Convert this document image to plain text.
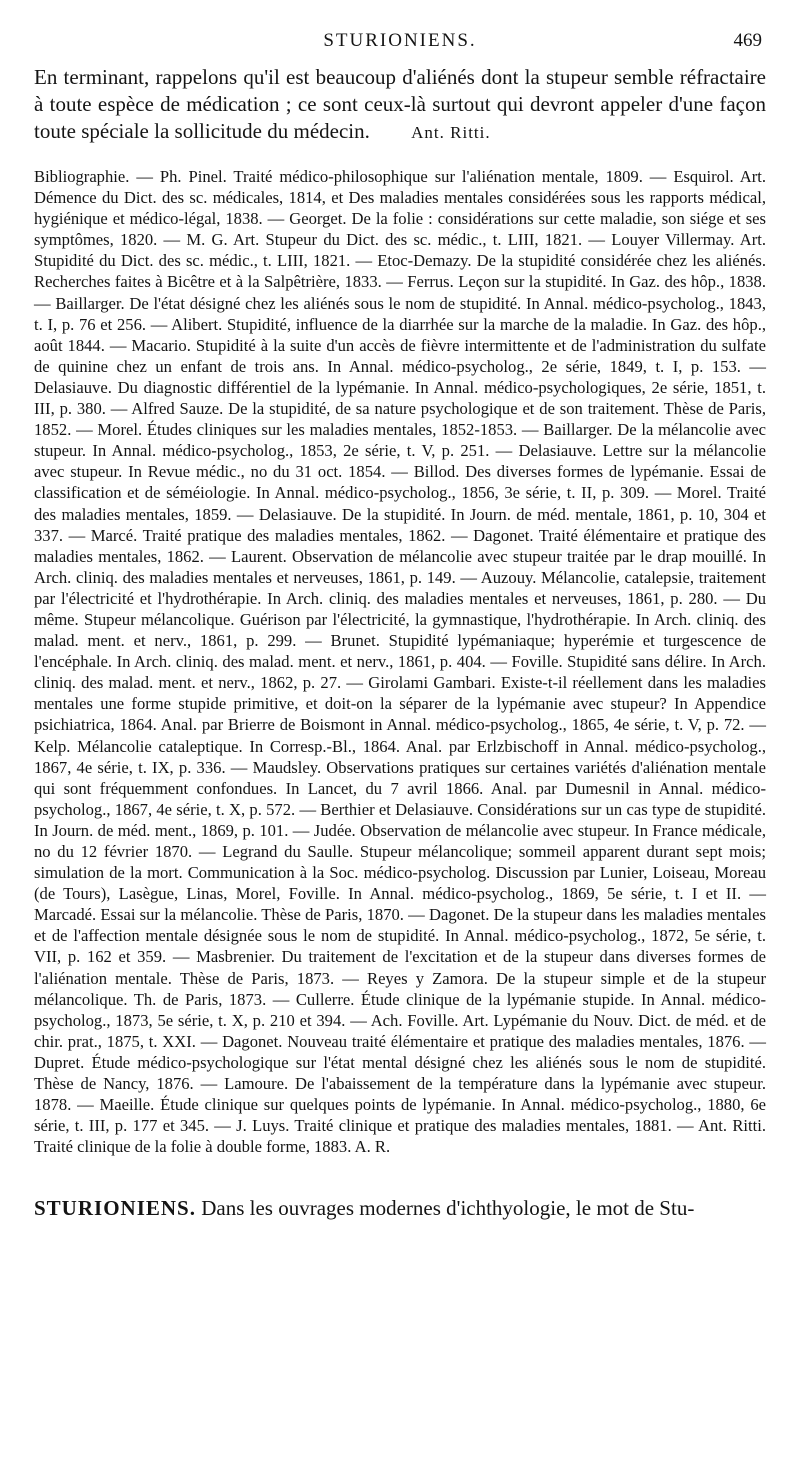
STURIONIENS.	469

En terminant, rappelons qu'il est beaucoup d'aliénés dont la stupeur semble réfractaire à toute espèce de médication ; ce sont ceux-là surtout qui devront appeler d'une façon toute spéciale la sollicitude du médecin. Ant. Ritti.

Bibliographie. — Ph. Pinel. Traité médico-philosophique sur l'aliénation mentale, 1809. — Esquirol. Art. Démence du Dict. des sc. médicales, 1814, et Des maladies mentales considérées sous les rapports médical, hygiénique et médico-légal, 1838. — Georget. De la folie : considérations sur cette maladie, son siége et ses symptômes, 1820. — M. G. Art. Stupeur du Dict. des sc. médic., t. LIII, 1821. — Louyer Villermay. Art. Stupidité du Dict. des sc. médic., t. LIII, 1821. — Etoc-Demazy. De la stupidité considérée chez les aliénés. Recherches faites à Bicêtre et à la Salpêtrière, 1833. — Ferrus. Leçon sur la stupidité. In Gaz. des hôp., 1838. — Baillarger. De l'état désigné chez les aliénés sous le nom de stupidité. In Annal. médico-psycholog., 1843, t. I, p. 76 et 256. — Alibert. Stupidité, influence de la diarrhée sur la marche de la maladie. In Gaz. des hôp., août 1844. — Macario. Stupidité à la suite d'un accès de fièvre intermittente et de l'administration du sulfate de quinine chez un enfant de trois ans. In Annal. médico-psycholog., 2e série, 1849, t. I, p. 153. — Delasiauve. Du diagnostic différentiel de la lypémanie. In Annal. médico-psychologiques, 2e série, 1851, t. III, p. 380. — Alfred Sauze. De la stupidité, de sa nature psychologique et de son traitement. Thèse de Paris, 1852. — Morel. Études cliniques sur les maladies mentales, 1852-1853. — Baillarger. De la mélancolie avec stupeur. In Annal. médico-psycholog., 1853, 2e série, t. V, p. 251. — Delasiauve. Lettre sur la mélancolie avec stupeur. In Revue médic., no du 31 oct. 1854. — Billod. Des diverses formes de lypémanie. Essai de classification et de séméiologie. In Annal. médico-psycholog., 1856, 3e série, t. II, p. 309. — Morel. Traité des maladies mentales, 1859. — Delasiauve. De la stupidité. In Journ. de méd. mentale, 1861, p. 10, 304 et 337. — Marcé. Traité pratique des maladies mentales, 1862. — Dagonet. Traité élémentaire et pratique des maladies mentales, 1862. — Laurent. Observation de mélancolie avec stupeur traitée par le drap mouillé. In Arch. cliniq. des maladies mentales et nerveuses, 1861, p. 149. — Auzouy. Mélancolie, catalepsie, traitement par l'électricité et l'hydrothérapie. In Arch. cliniq. des maladies mentales et nerveuses, 1861, p. 280. — Du même. Stupeur mélancolique. Guérison par l'électricité, la gymnastique, l'hydrothérapie. In Arch. cliniq. des malad. ment. et nerv., 1861, p. 299. — Brunet. Stupidité lypémaniaque; hyperémie et turgescence de l'encéphale. In Arch. cliniq. des malad. ment. et nerv., 1861, p. 404. — Foville. Stupidité sans délire. In Arch. cliniq. des malad. ment. et nerv., 1862, p. 27. — Girolami Gambari. Existe-t-il réellement dans les maladies mentales une forme stupide primitive, et doit-on la séparer de la lypémanie avec stupeur? In Appendice psichiatrica, 1864. Anal. par Brierre de Boismont in Annal. médico-psycholog., 1865, 4e série, t. V, p. 72. — Kelp. Mélancolie cataleptique. In Corresp.-Bl., 1864. Anal. par Erlzbischoff in Annal. médico-psycholog., 1867, 4e série, t. IX, p. 336. — Maudsley. Observations pratiques sur certaines variétés d'aliénation mentale qui sont fréquemment confondues. In Lancet, du 7 avril 1866. Anal. par Dumesnil in Annal. médico-psycholog., 1867, 4e série, t. X, p. 572. — Berthier et Delasiauve. Considérations sur un cas type de stupidité. In Journ. de méd. ment., 1869, p. 101. — Judée. Observation de mélancolie avec stupeur. In France médicale, no du 12 février 1870. — Legrand du Saulle. Stupeur mélancolique; sommeil apparent durant sept mois; simulation de la mort. Communication à la Soc. médico-psycholog. Discussion par Lunier, Loiseau, Moreau (de Tours), Lasègue, Linas, Morel, Foville. In Annal. médico-psycholog., 1869, 5e série, t. I et II. — Marcadé. Essai sur la mélancolie. Thèse de Paris, 1870. — Dagonet. De la stupeur dans les maladies mentales et de l'affection mentale désignée sous le nom de stupidité. In Annal. médico-psycholog., 1872, 5e série, t. VII, p. 162 et 359. — Masbrenier. Du traitement de l'excitation et de la stupeur dans diverses formes de l'aliénation mentale. Thèse de Paris, 1873. — Reyes y Zamora. De la stupeur simple et de la stupeur mélancolique. Th. de Paris, 1873. — Cullerre. Étude clinique de la lypémanie stupide. In Annal. médico-psycholog., 1873, 5e série, t. X, p. 210 et 394. — Ach. Foville. Art. Lypémanie du Nouv. Dict. de méd. et de chir. prat., 1875, t. XXI. — Dagonet. Nouveau traité élémentaire et pratique des maladies mentales, 1876. — Dupret. Étude médico-psychologique sur l'état mental désigné chez les aliénés sous le nom de stupidité. Thèse de Nancy, 1876. — Lamoure. De l'abaissement de la température dans la lypémanie avec stupeur. 1878. — Maeille. Étude clinique sur quelques points de lypémanie. In Annal. médico-psycholog., 1880, 6e série, t. III, p. 177 et 345. — J. Luys. Traité clinique et pratique des maladies mentales, 1881. — Ant. Ritti. Traité clinique de la folie à double forme, 1883. A. R.

STURIONIENS. Dans les ouvrages modernes d'ichthyologie, le mot de Stu-
